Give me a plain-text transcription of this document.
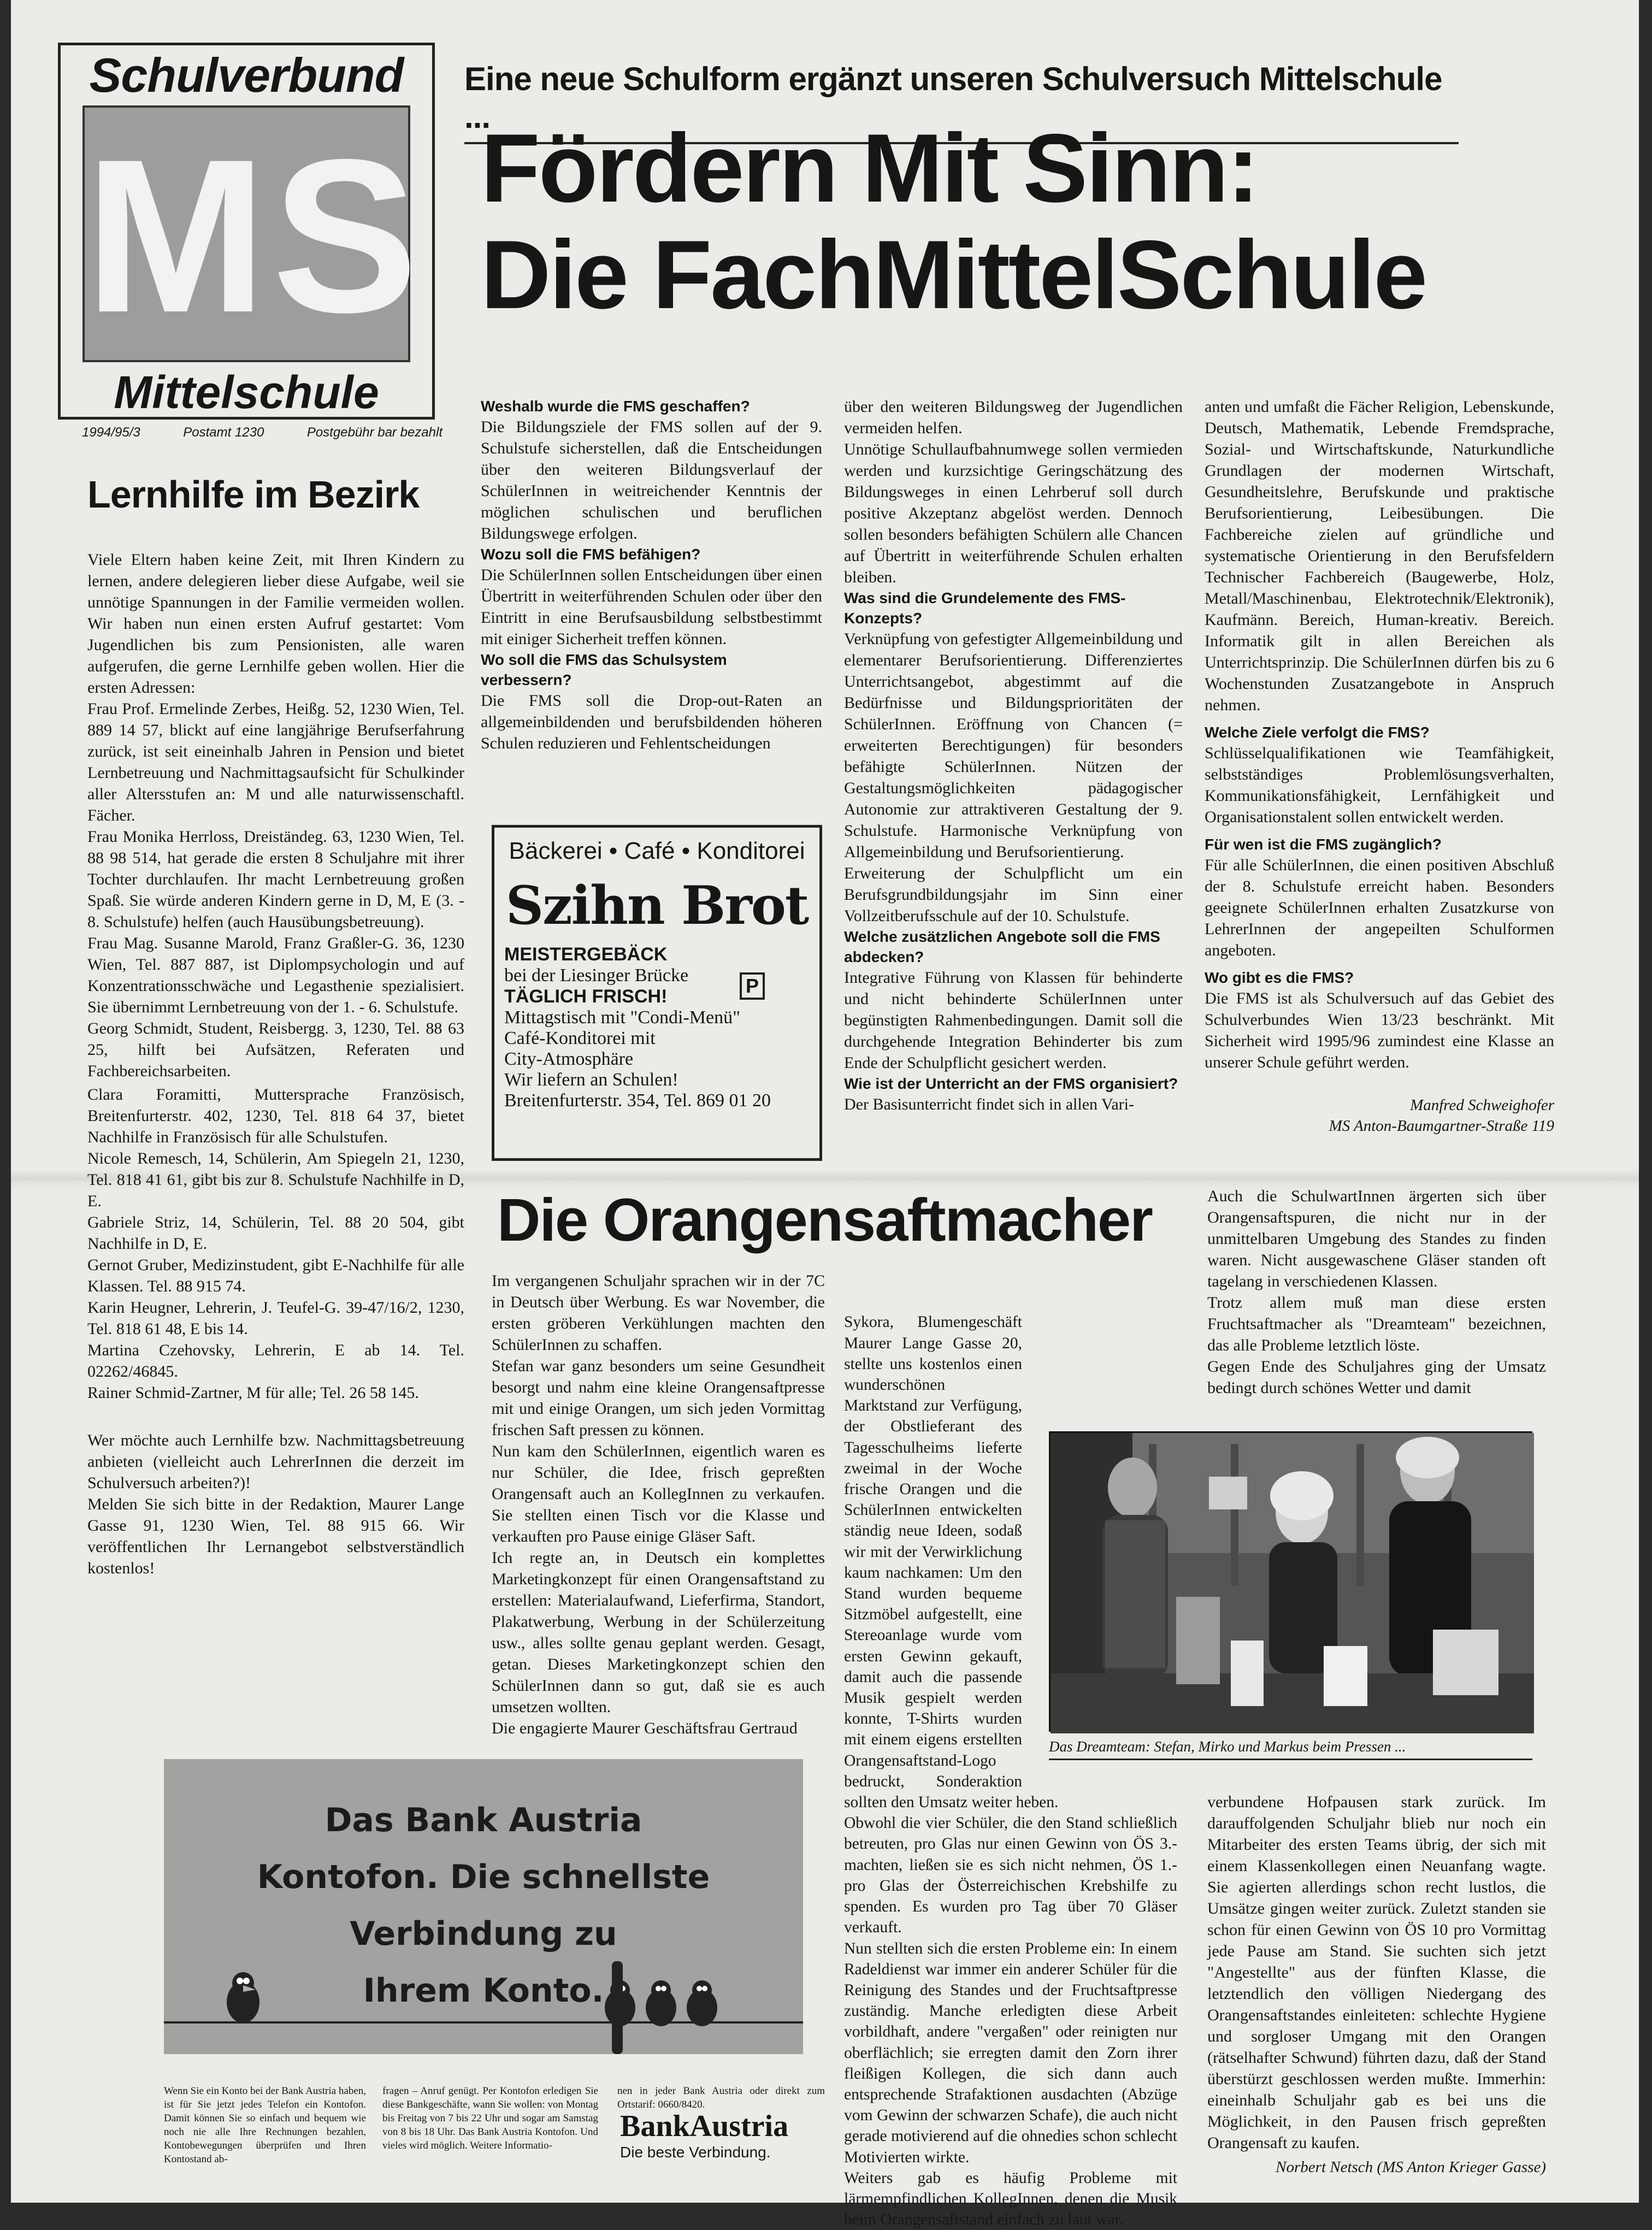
Schulverbund
MS
Mittelschule
1994/95/3	Postamt 1230	Postgebühr bar bezahlt
Eine neue Schulform ergänzt unseren Schulversuch Mittelschule ...
Fördern Mit Sinn:
Die FachMittelSchule
Lernhilfe im Bezirk

Viele Eltern haben keine Zeit, mit Ihren Kindern zu lernen, andere delegieren lieber diese Aufgabe, weil sie unnötige Spannungen in der Familie vermeiden wollen. Wir haben nun einen ersten Aufruf gestartet: Vom Jugendlichen bis zum Pensionisten, alle waren aufgerufen, die gerne Lernhilfe geben wollen. Hier die ersten Adressen:

Frau Prof. Ermelinde Zerbes, Heißg. 52, 1230 Wien, Tel. 889 14 57, blickt auf eine langjährige Berufserfahrung zurück, ist seit eineinhalb Jahren in Pension und bietet Lernbetreuung und Nachmittagsaufsicht für Schulkinder aller Altersstufen an: M und alle naturwissenschaftl. Fächer.

Frau Monika Herrloss, Dreiständeg. 63, 1230 Wien, Tel. 88 98 514, hat gerade die ersten 8 Schuljahre mit ihrer Tochter durchlaufen. Ihr macht Lernbetreuung großen Spaß. Sie würde anderen Kindern gerne in D, M, E (3. - 8. Schulstufe) helfen (auch Hausübungsbetreuung).

Frau Mag. Susanne Marold, Franz Graßler-G. 36, 1230 Wien, Tel. 887 887, ist Diplompsychologin und auf Konzentrationsschwäche und Legasthenie spezialisiert. Sie übernimmt Lernbetreuung von der 1. - 6. Schulstufe.

Georg Schmidt, Student, Reisbergg. 3, 1230, Tel. 88 63 25, hilft bei Aufsätzen, Referaten und Fachbereichsarbeiten.

Clara Foramitti, Muttersprache Französisch, Breitenfurterstr. 402, 1230, Tel. 818 64 37, bietet Nachhilfe in Französisch für alle Schulstufen.

Nicole Remesch, 14, Schülerin, Am Spiegeln 21, 1230, Tel. 818 41 61, gibt bis zur 8. Schulstufe Nachhilfe in D, E.

Gabriele Striz, 14, Schülerin, Tel. 88 20 504, gibt Nachhilfe in D, E.

Gernot Gruber, Medizinstudent, gibt E-Nachhilfe für alle Klassen. Tel. 88 915 74.

Karin Heugner, Lehrerin, J. Teufel-G. 39-47/16/2, 1230, Tel. 818 61 48, E bis 14.

Martina Czehovsky, Lehrerin, E ab 14. Tel. 02262/46845.

Rainer Schmid-Zartner, M für alle; Tel. 26 58 145.

Wer möchte auch Lernhilfe bzw. Nachmittagsbetreuung anbieten (vielleicht auch LehrerInnen die derzeit im Schulversuch arbeiten?)!

Melden Sie sich bitte in der Redaktion, Maurer Lange Gasse 91, 1230 Wien, Tel. 88 915 66. Wir veröffentlichen Ihr Lernangebot selbstverständlich kostenlos!

Weshalb wurde die FMS geschaffen?

Die Bildungsziele der FMS sollen auf der 9. Schulstufe sicherstellen, daß die Entscheidungen über den weiteren Bildungsverlauf der SchülerInnen in weitreichender Kenntnis der möglichen schulischen und beruflichen Bildungswege erfolgen.

Wozu soll die FMS befähigen?

Die SchülerInnen sollen Entscheidungen über einen Übertritt in weiterführenden Schulen oder über den Eintritt in eine Berufsausbildung selbstbestimmt mit einiger Sicherheit treffen können.

Wo soll die FMS das Schulsystem verbessern?

Die FMS soll die Drop-out-Raten an allgemeinbildenden und berufsbildenden höheren Schulen reduzieren und Fehlentscheidungen

über den weiteren Bildungsweg der Jugendlichen vermeiden helfen.

Unnötige Schullaufbahnumwege sollen vermieden werden und kurzsichtige Geringschätzung des Bildungsweges in einen Lehrberuf soll durch positive Akzeptanz abgelöst werden. Dennoch sollen besonders befähigten Schülern alle Chancen auf Übertritt in weiterführende Schulen erhalten bleiben.

Was sind die Grundelemente des FMS-Konzepts?

Verknüpfung von gefestigter Allgemeinbildung und elementarer Berufsorientierung. Differenziertes Unterrichtsangebot, abgestimmt auf die Bedürfnisse und Bildungsprioritäten der SchülerInnen. Eröffnung von Chancen (= erweiterten Berechtigungen) für besonders befähigte SchülerInnen. Nützen der Gestaltungsmöglichkeiten pädagogischer Autonomie zur attraktiveren Gestaltung der 9. Schulstufe. Harmonische Verknüpfung von Allgemeinbildung und Berufsorientierung.

Erweiterung der Schulpflicht um ein Berufsgrundbildungsjahr im Sinn einer Vollzeitberufsschule auf der 10. Schulstufe.

Welche zusätzlichen Angebote soll die FMS abdecken?

Integrative Führung von Klassen für behinderte und nicht behinderte SchülerInnen unter begünstigten Rahmenbedingungen. Damit soll die durchgehende Integration Behinderter bis zum Ende der Schulpflicht gesichert werden.

Wie ist der Unterricht an der FMS organisiert?

Der Basisunterricht findet sich in allen Vari-

anten und umfaßt die Fächer Religion, Lebenskunde, Deutsch, Mathematik, Lebende Fremdsprache, Sozial- und Wirtschaftskunde, Naturkundliche Grundlagen der modernen Wirtschaft, Gesundheitslehre, Berufskunde und praktische Berufsorientierung, Leibesübungen. Die Fachbereiche zielen auf gründliche und systematische Orientierung in den Berufsfeldern Technischer Fachbereich (Baugewerbe, Holz, Metall/Maschinenbau, Elektrotechnik/Elektronik), Kaufmänn. Bereich, Human-kreativ. Bereich. Informatik gilt in allen Bereichen als Unterrichtsprinzip. Die SchülerInnen dürfen bis zu 6 Wochenstunden Zusatzangebote in Anspruch nehmen.

Welche Ziele verfolgt die FMS?

Schlüsselqualifikationen wie Teamfähigkeit, selbstständiges Problemlösungsverhalten, Kommunikationsfähigkeit, Lernfähigkeit und Organisationstalent sollen entwickelt werden.

Für wen ist die FMS zugänglich?

Für alle SchülerInnen, die einen positiven Abschluß der 8. Schulstufe erreicht haben. Besonders geeignete SchülerInnen erhalten Zusatzkurse von LehrerInnen der angepeilten Schulformen angeboten.

Wo gibt es die FMS?

Die FMS ist als Schulversuch auf das Gebiet des Schulverbundes Wien 13/23 beschränkt. Mit Sicherheit wird 1995/96 zumindest eine Klasse an unserer Schule geführt werden.

Manfred Schweighofer

MS Anton-Baumgartner-Straße 119

Bäckerei • Café • Konditorei
Szihn Brot
MEISTERGEBÄCK
bei der Liesinger Brücke
TÄGLICH FRISCH!
Mittagstisch mit "Condi-Menü"
Café-Konditorei mit
City-Atmosphäre
Wir liefern an Schulen!
Breitenfurterstr. 354, Tel. 869 01 20
P
Die Orangensaftmacher
Im vergangenen Schuljahr sprachen wir in der 7C in Deutsch über Werbung. Es war November, die ersten gröberen Verkühlungen machten den SchülerInnen zu schaffen.
Stefan war ganz besonders um seine Gesundheit besorgt und nahm eine kleine Orangensaftpresse mit und einige Orangen, um sich jeden Vormittag frischen Saft pressen zu können.
Nun kam den SchülerInnen, eigentlich waren es nur Schüler, die Idee, frisch gepreßten Orangensaft auch an KollegInnen zu verkaufen. Sie stellten einen Tisch vor die Klasse und verkauften pro Pause einige Gläser Saft.
Ich regte an, in Deutsch ein komplettes Marketingkonzept für einen Orangensaftstand zu erstellen: Materialaufwand, Lieferfirma, Standort, Plakatwerbung, Werbung in der Schülerzeitung usw., alles sollte genau geplant werden. Gesagt, getan. Dieses Marketingkonzept schien den SchülerInnen dann so gut, daß sie es auch umsetzen wollten.
Die engagierte Maurer Geschäftsfrau Gertraud

Sykora, Blumengeschäft Maurer Lange Gasse 20, stellte uns kostenlos einen wunderschönen Marktstand zur Verfügung, der Obstlieferant des Tagesschulheims lieferte zweimal in der Woche frische Orangen und die SchülerInnen entwickelten ständig neue Ideen, sodaß wir mit der Verwirklichung kaum nachkamen: Um den Stand wurden bequeme Sitzmöbel aufgestellt, eine Stereoanlage wurde vom ersten Gewinn gekauft, damit auch die passende Musik gespielt werden konnte, T-Shirts wurden mit einem eigens erstellten Orangensaftstand-Logo bedruckt, Sonderaktion sollten den Umsatz weiter heben.
Obwohl die vier Schüler, die den Stand schließlich betreuten, pro Glas nur einen Gewinn von ÖS 3.- machten, ließen sie es sich nicht nehmen, ÖS 1.- pro Glas der Österreichischen Krebshilfe zu spenden. Es wurden pro Tag über 70 Gläser verkauft.
Nun stellten sich die ersten Probleme ein: In einem Radeldienst war immer ein anderer Schüler für die Reinigung des Standes und der Fruchtsaftpresse zuständig. Manche erledigten diese Arbeit vorbildhaft, andere "vergaßen" oder reinigten nur oberflächlich; sie erregten damit den Zorn ihrer fleißigen Kollegen, die sich dann auch entsprechende Strafaktionen ausdachten (Abzüge vom Gewinn der schwarzen Schafe), die auch nicht gerade motivierend auf die ohnedies schon schlecht Motivierten wirkte.
Weiters gab es häufig Probleme mit lärmempfindlichen KollegInnen, denen die Musik beim Orangensaftstand einfach zu laut war.

Auch die SchulwartInnen ärgerten sich über Orangensaftspuren, die nicht nur in der unmittelbaren Umgebung des Standes zu finden waren. Nicht ausgewaschene Gläser standen oft tagelang in verschiedenen Klassen.
Trotz allem muß man diese ersten Fruchtsaftmacher als "Dreamteam" bezeichnen, das alle Probleme letztlich löste.
Gegen Ende des Schuljahres ging der Umsatz bedingt durch schönes Wetter und damit
Das Dreamteam: Stefan, Mirko und Markus beim Pressen ...

verbundene Hofpausen stark zurück. Im darauffolgenden Schuljahr blieb nur noch ein Mitarbeiter des ersten Teams übrig, der sich mit einem Klassenkollegen einen Neuanfang wagte. Sie agierten allerdings schon recht lustlos, die Umsätze gingen weiter zurück. Zuletzt standen sie schon für einen Gewinn von ÖS 10 pro Vormittag jede Pause am Stand. Sie suchten sich jetzt "Angestellte" aus der fünften Klasse, die letztendlich den völligen Niedergang des Orangensaftstandes einleiteten: schlechte Hygiene und sorgloser Umgang mit den Orangen (rätselhafter Schwund) führten dazu, daß der Stand überstürzt geschlossen werden mußte. Immerhin: eineinhalb Schuljahr gab es bei uns die Möglichkeit, in den Pausen frisch gepreßten Orangensaft zu kaufen.

Norbert Netsch (MS Anton Krieger Gasse)

Das Bank Austria
Kontofon. Die schnellste
Verbindung zu
Ihrem Konto.
Wenn Sie ein Konto bei der Bank Austria haben, ist für Sie jetzt jedes Telefon ein Kontofon. Damit können Sie so einfach und bequem wie noch nie alle Ihre Rechnungen bezahlen, Kontobewegungen überprüfen und Ihren Kontostand ab-
fragen – Anruf genügt. Per Kontofon erledigen Sie diese Bankgeschäfte, wann Sie wollen: von Montag bis Freitag von 7 bis 22 Uhr und sogar am Samstag von 8 bis 18 Uhr. Das Bank Austria Kontofon. Und vieles wird möglich. Weitere Informatio-
nen in jeder Bank Austria oder direkt zum Ortstarif: 0660/8420.
BankAustria
Die beste Verbindung.
